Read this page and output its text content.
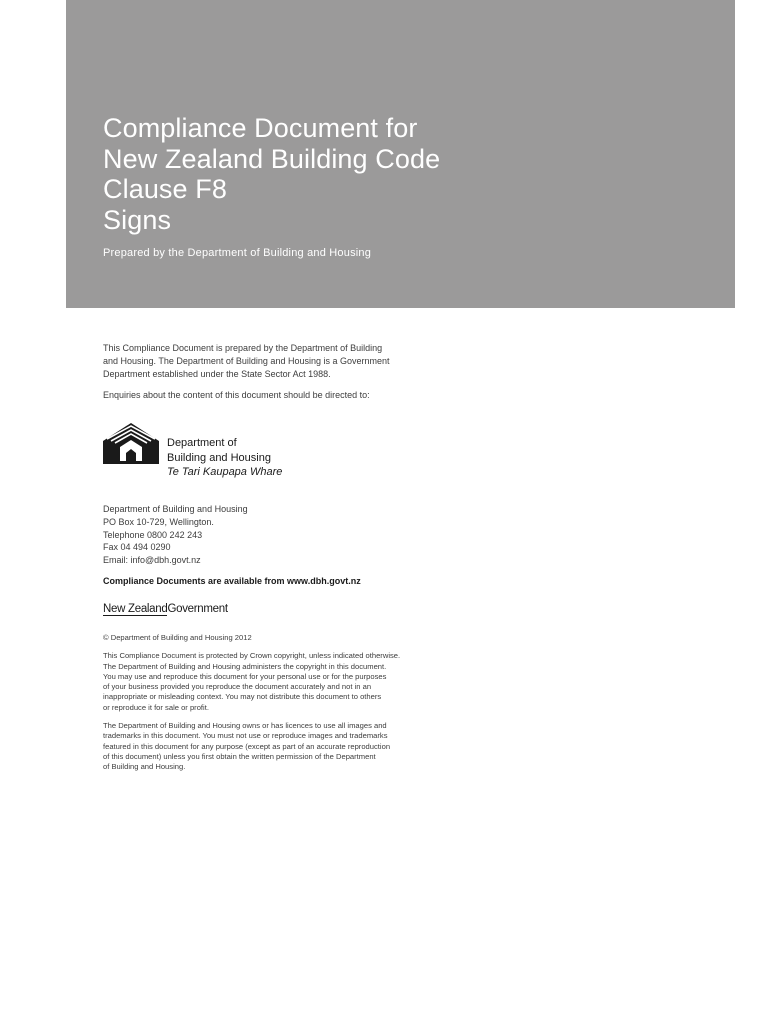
Compliance Document for
New Zealand Building Code
Clause F8
Signs

Prepared by the Department of Building and Housing

This Compliance Document is prepared by the Department of Building
and Housing. The Department of Building and Housing is a Government
Department established under the State Sector Act 1988.

Enquiries about the content of this document should be directed to:

Department of
Building and Housing
Te Tari Kaupapa Whare
Department of Building and Housing
PO Box 10-729, Wellington.
Telephone 0800 242 243
Fax 04 494 0290
Email: info@dbh.govt.nz
Compliance Documents are available from www.dbh.govt.nz
New ZealandGovernment

© Department of Building and Housing 2012

This Compliance Document is protected by Crown copyright, unless indicated otherwise.
The Department of Building and Housing administers the copyright in this document.
You may use and reproduce this document for your personal use or for the purposes
of your business provided you reproduce the document accurately and not in an
inappropriate or misleading context. You may not distribute this document to others
or reproduce it for sale or profit.

The Department of Building and Housing owns or has licences to use all images and
trademarks in this document. You must not use or reproduce images and trademarks
featured in this document for any purpose (except as part of an accurate reproduction
of this document) unless you first obtain the written permission of the Department
of Building and Housing.
